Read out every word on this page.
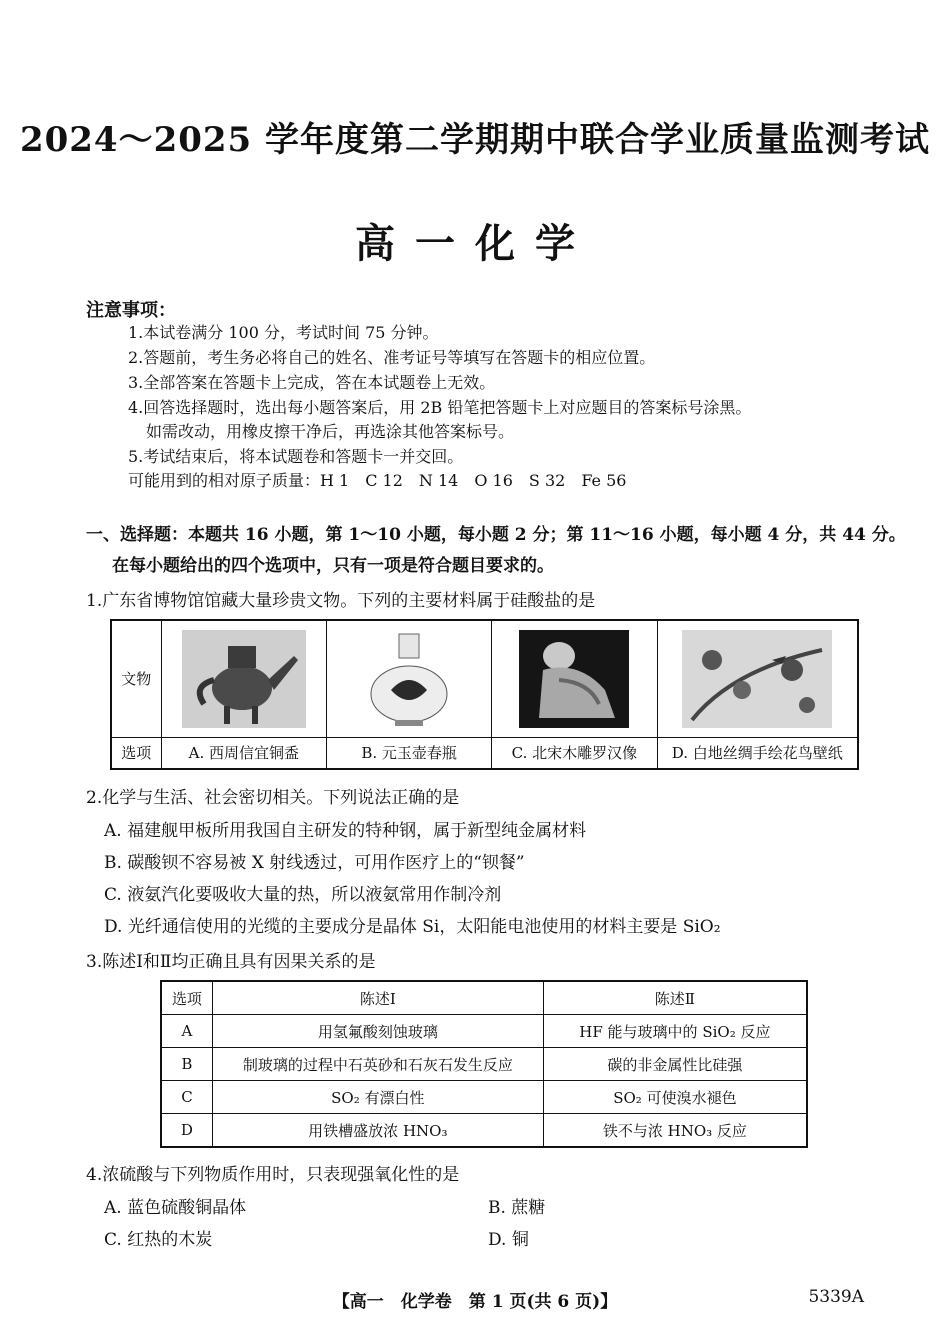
2024～2025 学年度第二学期期中联合学业质量监测考试
高一化学
注意事项：
1.本试卷满分 100 分，考试时间 75 分钟。
2.答题前，考生务必将自己的姓名、准考证号等填写在答题卡的相应位置。
3.全部答案在答题卡上完成，答在本试题卷上无效。
4.回答选择题时，选出每小题答案后，用 2B 铅笔把答题卡上对应题目的答案标号涂黑。
如需改动，用橡皮擦干净后，再选涂其他答案标号。
5.考试结束后，将本试题卷和答题卡一并交回。
可能用到的相对原子质量：H 1　C 12　N 14　O 16　S 32　Fe 56
一、选择题：本题共 16 小题，第 1～10 小题，每小题 2 分；第 11～16 小题，每小题 4 分，共 44 分。
在每小题给出的四个选项中，只有一项是符合题目要求的。
1.广东省博物馆馆藏大量珍贵文物。下列的主要材料属于硅酸盐的是
文物				
选项	A. 西周信宜铜盉	B. 元玉壶春瓶	C. 北宋木雕罗汉像	D. 白地丝绸手绘花鸟壁纸
2.化学与生活、社会密切相关。下列说法正确的是
A. 福建舰甲板所用我国自主研发的特种钢，属于新型纯金属材料
B. 碳酸钡不容易被 X 射线透过，可用作医疗上的“钡餐”
C. 液氨汽化要吸收大量的热，所以液氨常用作制冷剂
D. 光纤通信使用的光缆的主要成分是晶体 Si，太阳能电池使用的材料主要是 SiO₂
3.陈述Ⅰ和Ⅱ均正确且具有因果关系的是
选项	陈述Ⅰ	陈述Ⅱ
A	用氢氟酸刻蚀玻璃	HF 能与玻璃中的 SiO₂ 反应
B	制玻璃的过程中石英砂和石灰石发生反应	碳的非金属性比硅强
C	SO₂ 有漂白性	SO₂ 可使溴水褪色
D	用铁槽盛放浓 HNO₃	铁不与浓 HNO₃ 反应
4.浓硫酸与下列物质作用时，只表现强氧化性的是
A. 蓝色硫酸铜晶体	B. 蔗糖
C. 红热的木炭	D. 铜
【高一　化学卷　第 1 页(共 6 页)】	5339A
